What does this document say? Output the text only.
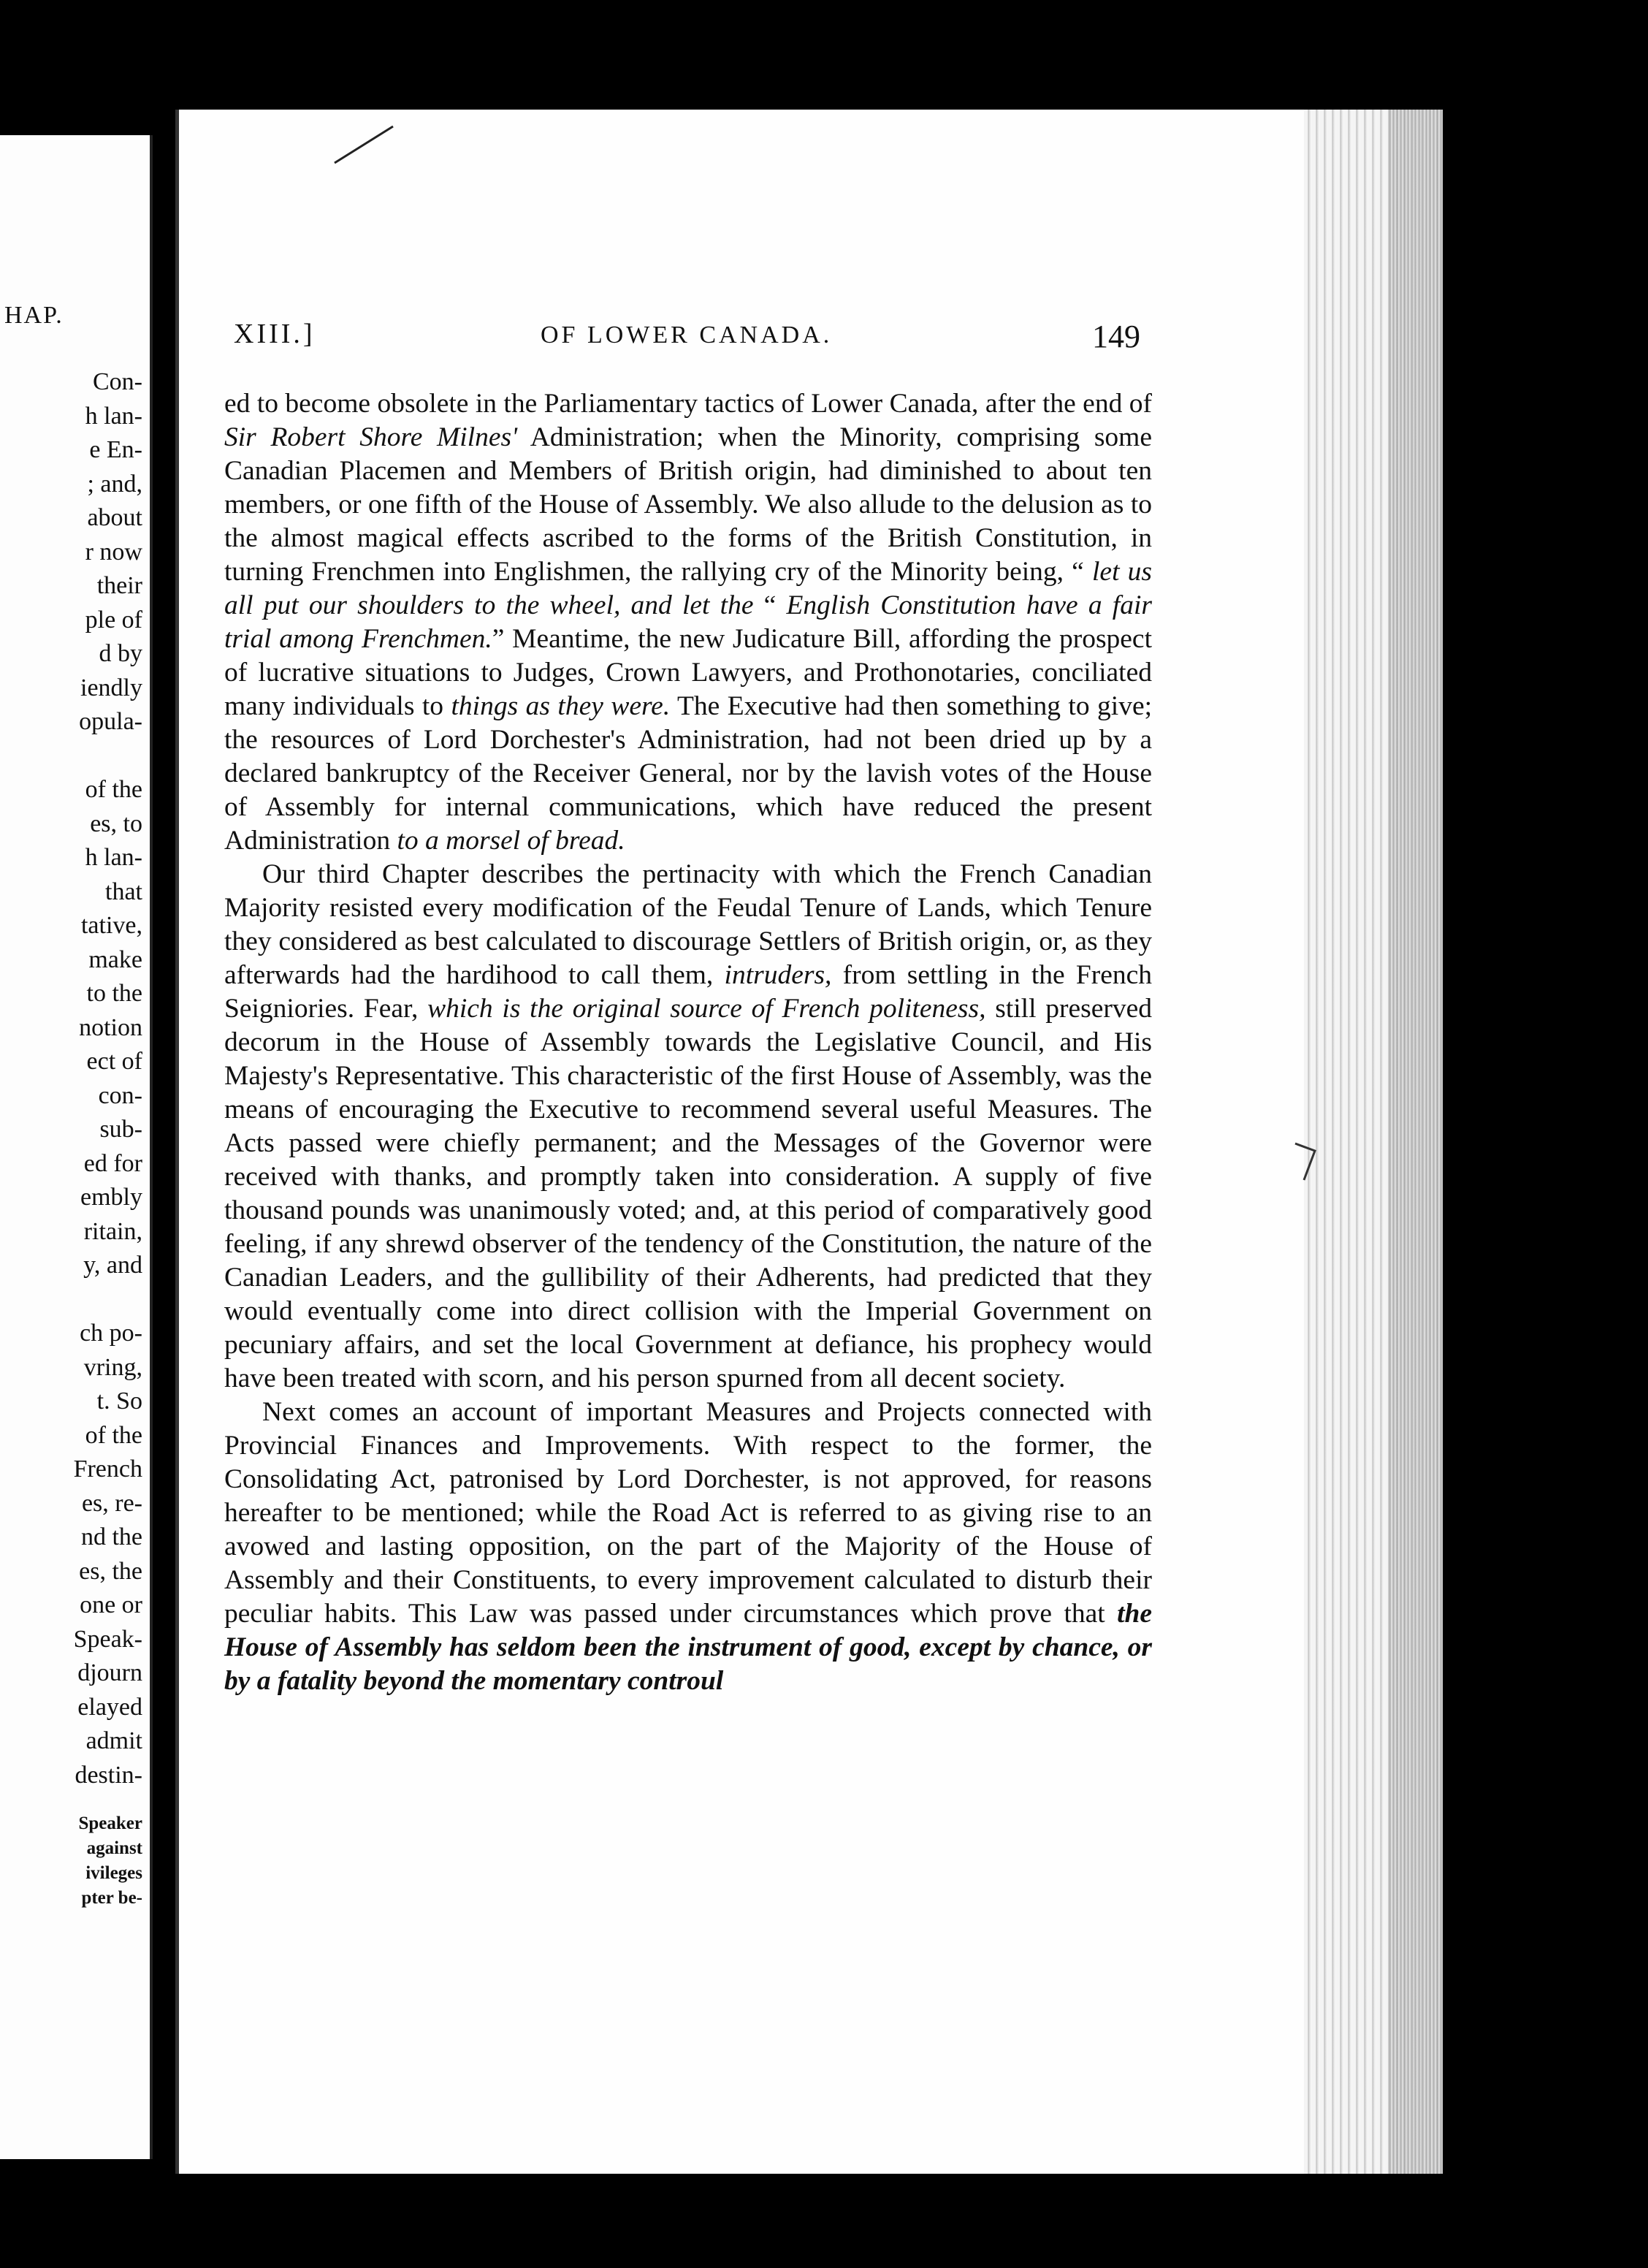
HAP.
Con-
h lan-
e En-
; and,
about
r now
their
ple of
d by
iendly
opula-
of the
es, to
h lan-
that
tative,
make
to the
notion
ect of
con-
sub-
ed for
embly
ritain,
y, and
ch po-
vring,
t. So
of the
French
es, re-
nd the
es, the
one or
Speak-
djourn
elayed
admit
destin-
Speaker
against
ivileges
pter be-
XIII.]	OF LOWER CANADA.	149

ed to become obsolete in the Parliamentary tactics of Lower Canada, after the end of Sir Robert Shore Milnes' Administration; when the Minority, comprising some Canadian Placemen and Members of British origin, had diminished to about ten members, or one fifth of the House of Assembly. We also allude to the delusion as to the almost magical effects ascribed to the forms of the British Constitution, in turning Frenchmen into Englishmen, the rallying cry of the Minority being, “ let us all put our shoulders to the wheel, and let the “ English Constitution have a fair trial among Frenchmen.” Meantime, the new Judicature Bill, affording the prospect of lucrative situations to Judges, Crown Lawyers, and Prothonotaries, conciliated many individuals to things as they were. The Executive had then something to give; the resources of Lord Dorchester's Administration, had not been dried up by a declared bankruptcy of the Receiver General, nor by the lavish votes of the House of Assembly for internal communications, which have reduced the present Administration to a morsel of bread.

Our third Chapter describes the pertinacity with which the French Canadian Majority resisted every modification of the Feudal Tenure of Lands, which Tenure they considered as best calculated to discourage Settlers of British origin, or, as they afterwards had the hardihood to call them, intruders, from settling in the French Seigniories. Fear, which is the original source of French politeness, still preserved decorum in the House of Assembly towards the Legislative Council, and His Majesty's Representative. This characteristic of the first House of Assembly, was the means of encouraging the Executive to recommend several useful Measures. The Acts passed were chiefly permanent; and the Messages of the Governor were received with thanks, and promptly taken into consideration. A supply of five thousand pounds was unanimously voted; and, at this period of comparatively good feeling, if any shrewd observer of the tendency of the Constitution, the nature of the Canadian Leaders, and the gullibility of their Adherents, had predicted that they would eventually come into direct collision with the Imperial Government on pecuniary affairs, and set the local Government at defiance, his prophecy would have been treated with scorn, and his person spurned from all decent society.

Next comes an account of important Measures and Projects connected with Provincial Finances and Improvements. With respect to the former, the Consolidating Act, patronised by Lord Dorchester, is not approved, for reasons hereafter to be mentioned; while the Road Act is referred to as giving rise to an avowed and lasting opposition, on the part of the Majority of the House of Assembly and their Constituents, to every improvement calculated to disturb their peculiar habits. This Law was passed under circumstances which prove that the House of Assembly has seldom been the instrument of good, except by chance, or by a fatality beyond the momentary controul
